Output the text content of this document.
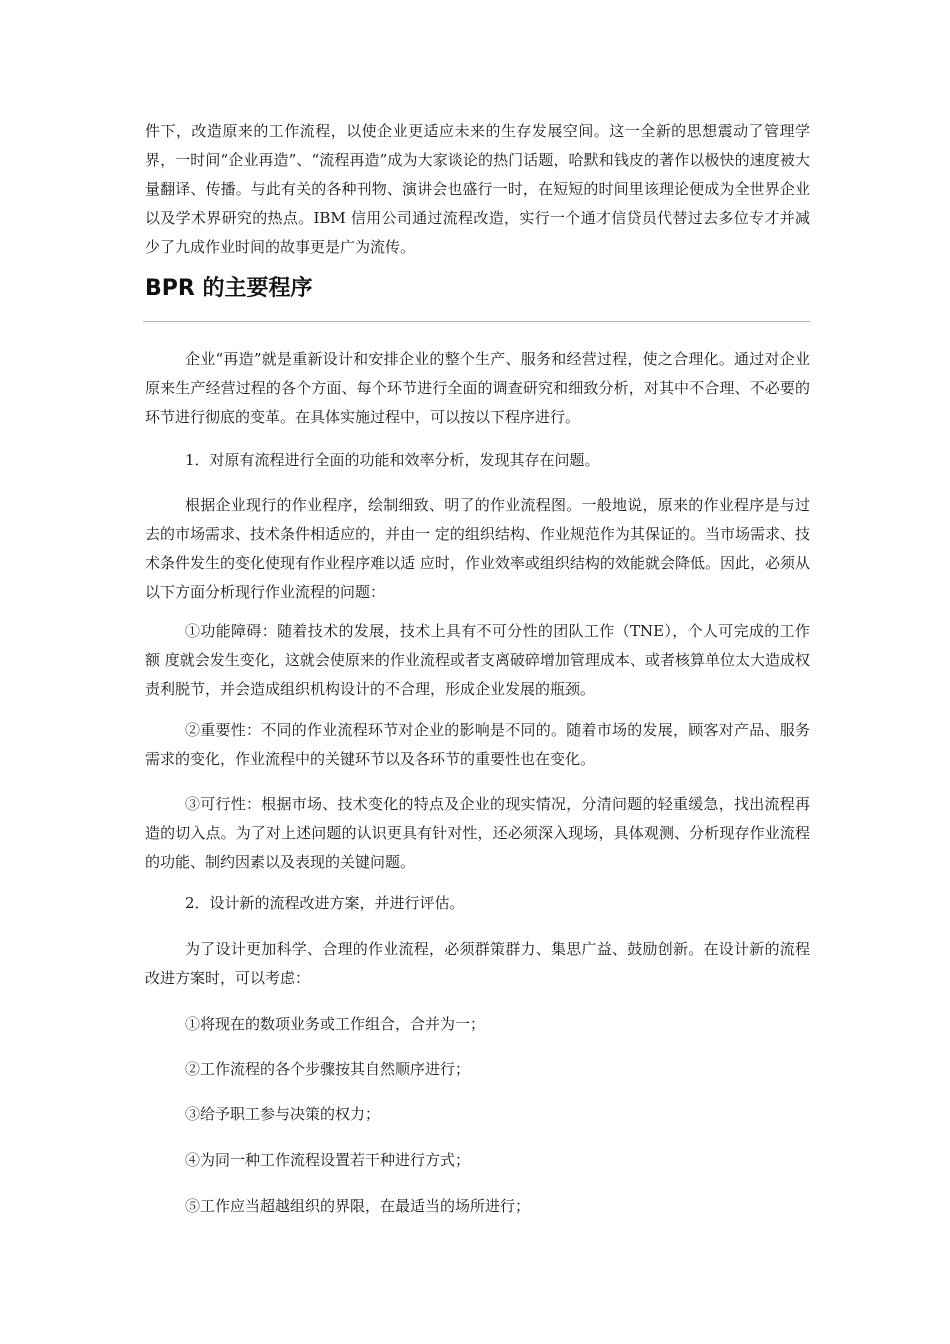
件下，改造原来的工作流程，以使企业更适应未来的生存发展空间。这一全新的思想震动了管理学界，一时间“企业再造”、“流程再造”成为大家谈论的热门话题，哈默和钱皮的著作以极快的速度被大量翻译、传播。与此有关的各种刊物、演讲会也盛行一时，在短短的时间里该理论便成为全世界企业以及学术界研究的热点。IBM 信用公司通过流程改造，实行一个通才信贷员代替过去多位专才并减少了九成作业时间的故事更是广为流传。

BPR 的主要程序

企业“再造”就是重新设计和安排企业的整个生产、服务和经营过程，使之合理化。通过对企业原来生产经营过程的各个方面、每个环节进行全面的调查研究和细致分析，对其中不合理、不必要的环节进行彻底的变革。在具体实施过程中，可以按以下程序进行。

1．对原有流程进行全面的功能和效率分析，发现其存在问题。

根据企业现行的作业程序，绘制细致、明了的作业流程图。一般地说，原来的作业程序是与过去的市场需求、技术条件相适应的，并由一 定的组织结构、作业规范作为其保证的。当市场需求、技术条件发生的变化使现有作业程序难以适 应时，作业效率或组织结构的效能就会降低。因此，必须从以下方面分析现行作业流程的问题：

①功能障碍：随着技术的发展，技术上具有不可分性的团队工作（TNE），个人可完成的工作额 度就会发生变化，这就会使原来的作业流程或者支离破碎增加管理成本、或者核算单位太大造成权责利脱节，并会造成组织机构设计的不合理，形成企业发展的瓶颈。

②重要性：不同的作业流程环节对企业的影响是不同的。随着市场的发展，顾客对产品、服务需求的变化，作业流程中的关键环节以及各环节的重要性也在变化。

③可行性：根据市场、技术变化的特点及企业的现实情况，分清问题的轻重缓急，找出流程再造的切入点。为了对上述问题的认识更具有针对性，还必须深入现场，具体观测、分析现存作业流程的功能、制约因素以及表现的关键问题。

2．设计新的流程改进方案，并进行评估。

为了设计更加科学、合理的作业流程，必须群策群力、集思广益、鼓励创新。在设计新的流程改进方案时，可以考虑：

①将现在的数项业务或工作组合，合并为一；

②工作流程的各个步骤按其自然顺序进行；

③给予职工参与决策的权力；

④为同一种工作流程设置若干种进行方式；

⑤工作应当超越组织的界限，在最适当的场所进行；
